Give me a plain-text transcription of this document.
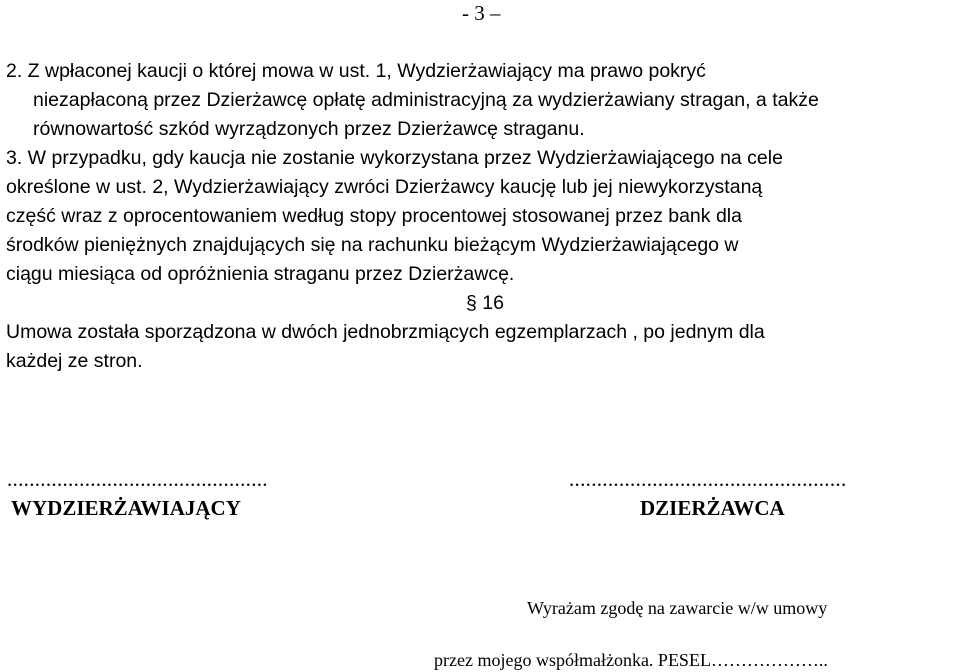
- 3 –
2. Z wpłaconej kaucji o której mowa w ust. 1, Wydzierżawiający ma prawo pokryć
niezapłaconą przez Dzierżawcę opłatę administracyjną za wydzierżawiany stragan, a także
równowartość szkód wyrządzonych przez Dzierżawcę straganu.
3. W przypadku, gdy kaucja nie zostanie wykorzystana przez Wydzierżawiającego na cele
określone w ust. 2, Wydzierżawiający zwróci Dzierżawcy kaucję lub jej niewykorzystaną
część wraz z oprocentowaniem według stopy procentowej stosowanej przez bank dla
środków pieniężnych znajdujących się na rachunku bieżącym Wydzierżawiającego w
ciągu miesiąca od opróżnienia straganu przez Dzierżawcę.
§ 16
Umowa została sporządzona w dwóch jednobrzmiących egzemplarzach , po jednym dla
każdej ze stron.
...............................................
WYDZIERŻAWIAJĄCY
..................................................
DZIERŻAWCA
Wyrażam zgodę na zawarcie w/w umowy
przez mojego współmałżonka. PESEL………………..
